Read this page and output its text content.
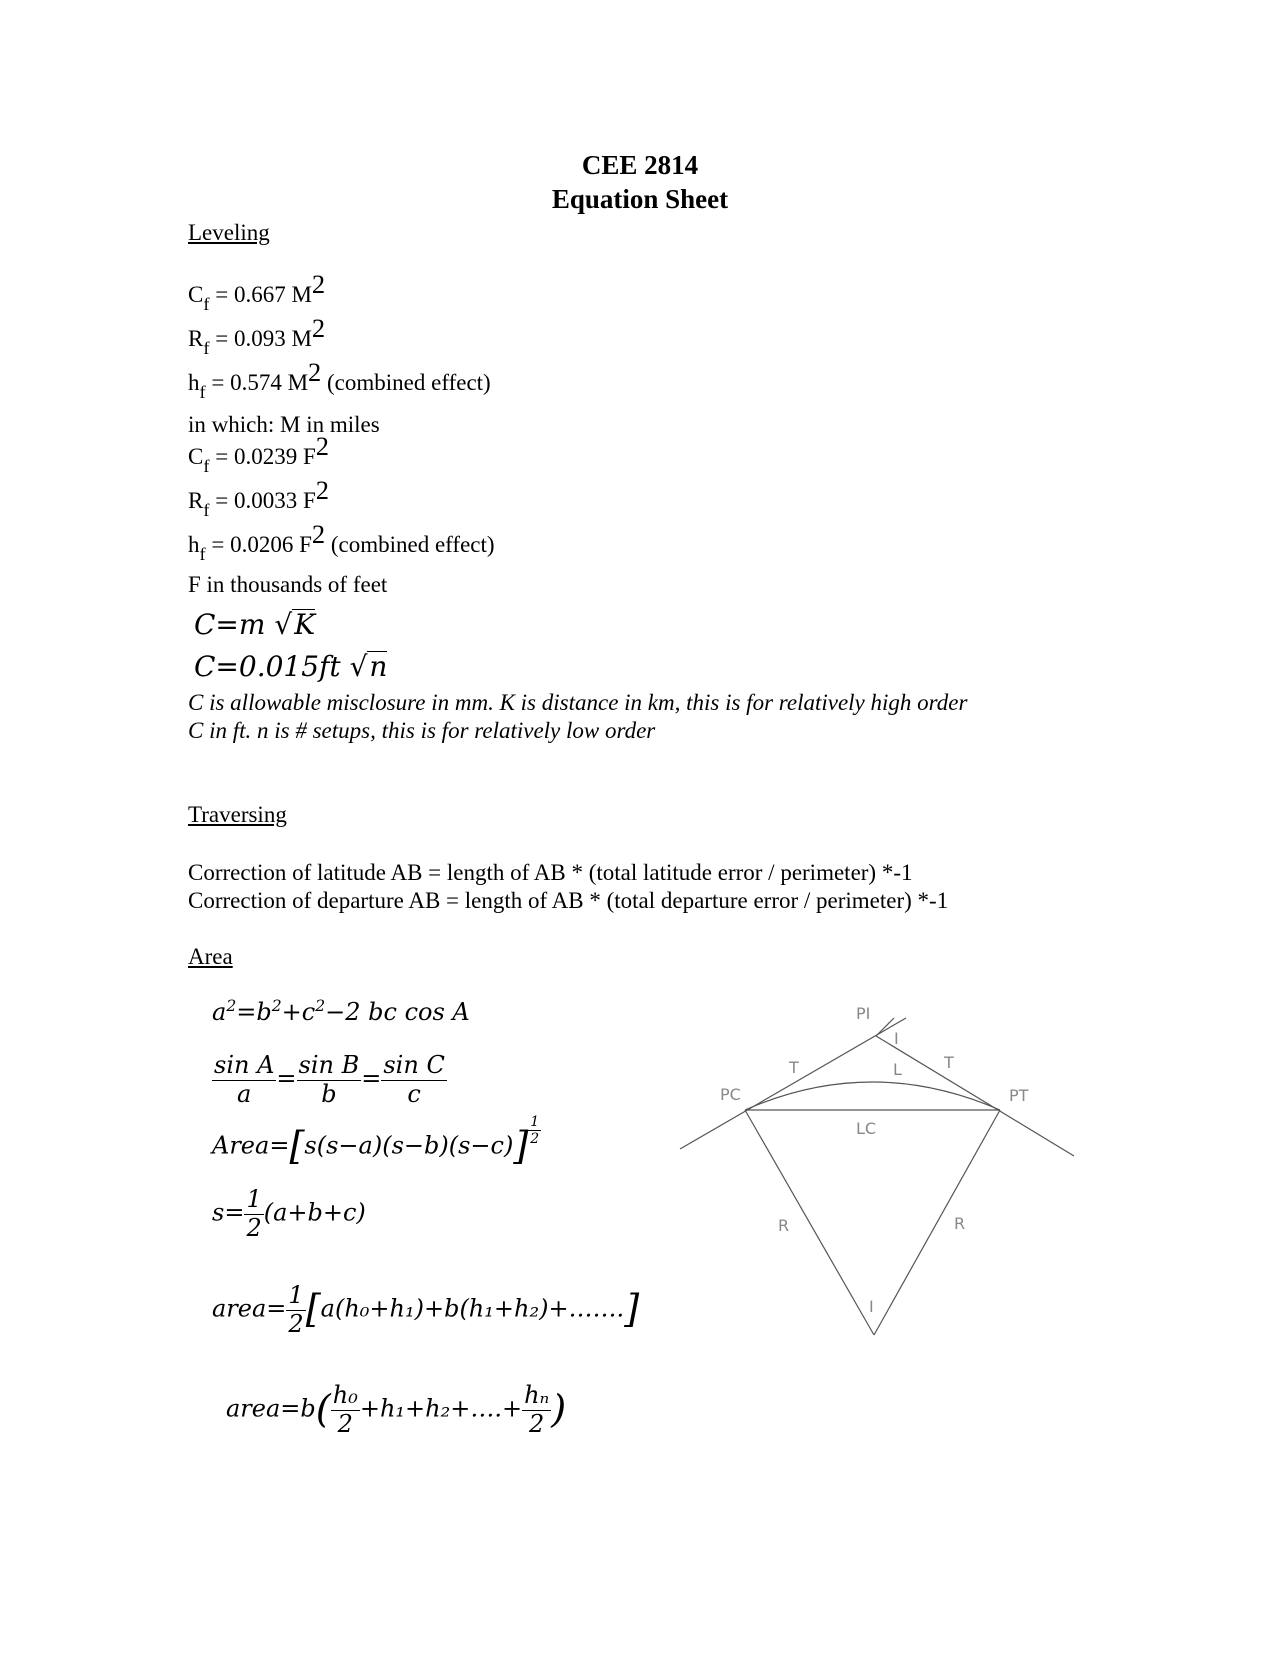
CEE 2814
Equation Sheet
Leveling
$C_f = 0.667$ M2
$R_f = 0.093$ M2
$h_f = 0.574$ M2 (combined effect)
in which: M in miles
$C_f = 0.0239$ F2
$R_f = 0.0033$ F2
$h_f = 0.0206$ F2 (combined effect)
F in thousands of feet
C=m √K
C=0.015ft √n
C is allowable misclosure in mm. K is distance in km, this is for relatively high order
C in ft. n is # setups, this is for relatively low order
Traversing
Correction of latitude AB = length of AB * (total latitude error / perimeter) *-1
Correction of departure AB = length of AB * (total departure error / perimeter) *-1
Area
$a^2=b^2+c^2-2$ bc cos A
$\frac{\text{sin A}}{a} = \frac{\text{sin B}}{b} = \frac{\text{sin C}}{c}$
Area=[s(s−a)(s−b)(s−c)] $\frac{1}{2}$
$s= \frac{1}{2} (a+b+c)$
area= $\frac{1}{2}$ [a(h₀+h₁)+b(h₁+h₂)+…….]
area=b( $\frac{\text{h₀}}{2}$ +h₁+h₂+….+ $\frac{\text{hₙ}}{2}$ )
PI
I
T	T
L
PC	PT
LC
R	R
I
